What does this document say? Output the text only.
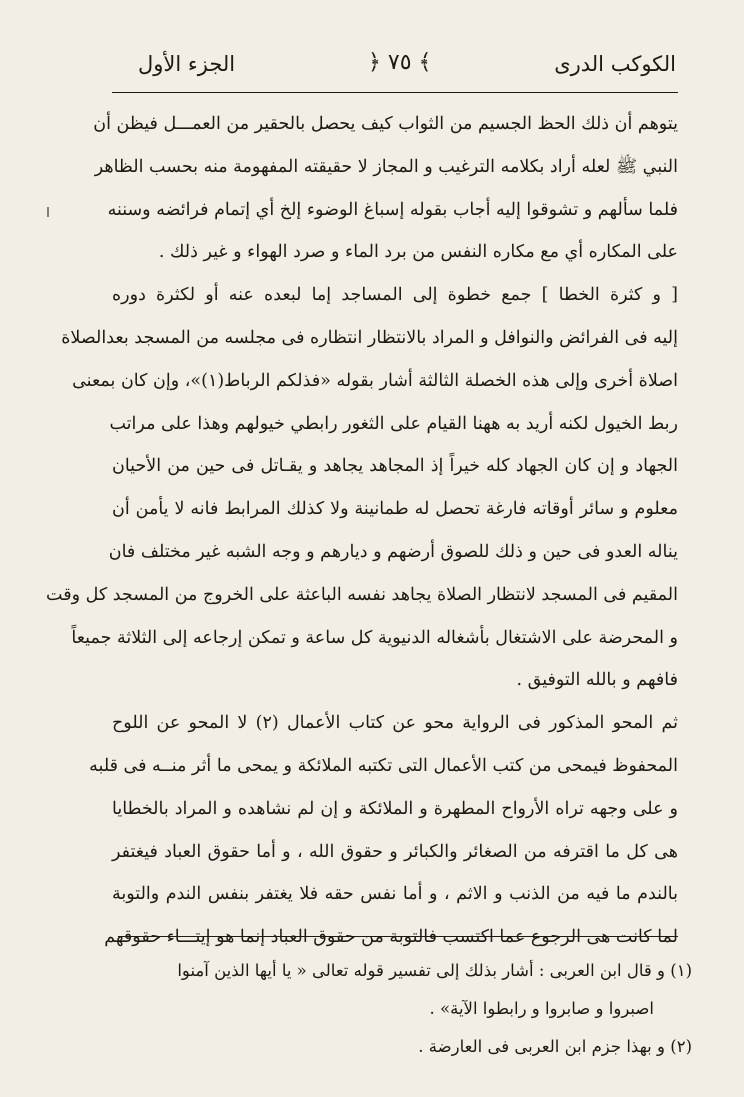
الكوكب الدرى
﴿ ٧٥ ﴾
الجزء الأول
يتوهم أن ذلك الحظ الجسيم من الثواب كيف يحصل بالحقير من العمـــل فيظن أن
النبي ﷺ لعله أراد بكلامه الترغيب و المجاز لا حقيقته المفهومة منه بحسب الظاهر
فلما سألهم و تشوقوا إليه أجاب بقوله إسباغ الوضوء إلخ أي إتمام فرائضه وسننه
على المكاره أي مع مكاره النفس من برد الماء و صرد الهواء و غير ذلك .
[ و كثرة الخطا ] جمع خطوة إلى المساجد إما لبعده عنه أو لكثرة دوره
إليه فى الفرائض والنوافل و المراد بالانتظار انتظاره فى مجلسه من المسجد بعدالصلاة
اصلاة أخرى وإلى هذه الخصلة الثالثة أشار بقوله «فذلكم الرباط(١)»، وإن كان بمعنى
ربط الخيول لكنه أريد به ههنا القيام على الثغور رابطي خيولهم وهذا على مراتب
الجهاد و إن كان الجهاد كله خيراً إذ المجاهد يجاهد و يقـاتل فى حين من الأحيان
معلوم و سائر أوقاته فارغة تحصل له طمانينة ولا كذلك المرابط فانه لا يأمن أن
يناله العدو فى حين و ذلك للصوق أرضهم و ديارهم و وجه الشبه غير مختلف فان
المقيم فى المسجد لانتظار الصلاة يجاهد نفسه الباعثة على الخروج من المسجد كل وقت
و المحرضة على الاشتغال بأشغاله الدنيوية كل ساعة و تمكن إرجاعه إلى الثلاثة جميعاً
فافهم و بالله التوفيق .
ثم المحو المذكور فى الرواية محو عن كتاب الأعمال (٢) لا المحو عن اللوح
المحفوظ فيمحى من كتب الأعمال التى تكتبه الملائكة و يمحى ما أثر منــه فى قلبه
و على وجهه تراه الأرواح المطهرة و الملائكة و إن لم نشاهده و المراد بالخطايا
هى كل ما اقترفه من الصغائر والكبائر و حقوق الله ، و أما حقوق العباد فيغتفر
بالندم ما فيه من الذنب و الاثم ، و أما نفس حقه فلا يغتفر بنفس الندم والتوبة
لما كانت هى الرجوع عما اكتسب فالتوبة من حقوق العباد إنما هو إيتـــاء حقوقهم
(١) و قال ابن العربى : أشار بذلك إلى تفسير قوله تعالى « يا أيها الذين آمنوا
اصبروا و صابروا و رابطوا الآية» .
(٢) و بهذا جزم ابن العربى فى العارضة .
